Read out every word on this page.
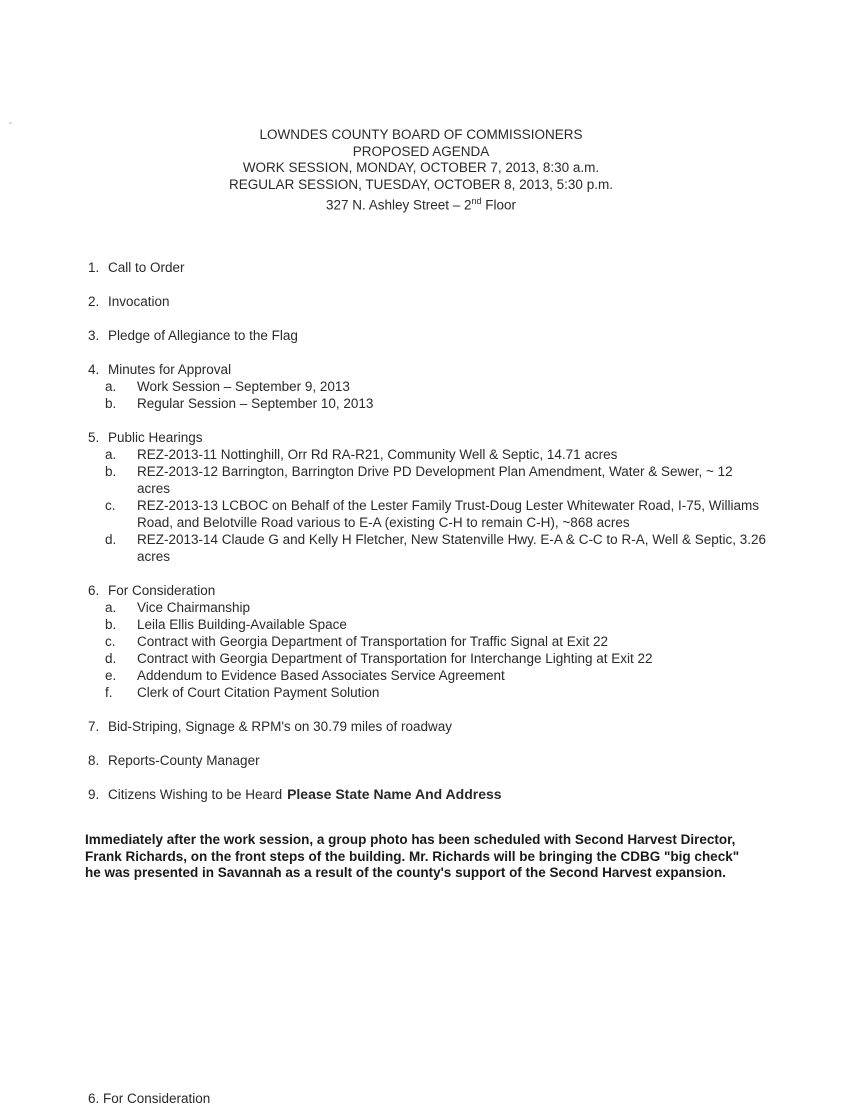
LOWNDES COUNTY BOARD OF COMMISSIONERS
PROPOSED AGENDA
WORK SESSION, MONDAY, OCTOBER 7, 2013, 8:30 a.m.
REGULAR SESSION, TUESDAY, OCTOBER 8, 2013, 5:30 p.m.
327 N. Ashley Street – 2nd Floor
1. Call to Order
2. Invocation
3. Pledge of Allegiance to the Flag
4. Minutes for Approval
a.	Work Session – September 9, 2013
b.	Regular Session – September 10, 2013
5. Public Hearings
a.	REZ-2013-11 Nottinghill, Orr Rd RA-R21, Community Well & Septic, 14.71 acres
b.	REZ-2013-12 Barrington, Barrington Drive PD Development Plan Amendment, Water & Sewer, ~ 12 acres
c.	REZ-2013-13 LCBOC on Behalf of the Lester Family Trust-Doug Lester Whitewater Road, I-75, Williams Road, and Belotville Road various to E-A (existing C-H to remain C-H), ~868 acres
d.	REZ-2013-14 Claude G and Kelly H Fletcher, New Statenville Hwy. E-A & C-C to R-A, Well & Septic, 3.26 acres
6. For Consideration
a.	Vice Chairmanship
b.	Leila Ellis Building-Available Space
c.	Contract with Georgia Department of Transportation for Traffic Signal at Exit 22
d.	Contract with Georgia Department of Transportation for Interchange Lighting at Exit 22
e.	Addendum to Evidence Based Associates Service Agreement
f.	Clerk of Court Citation Payment Solution
7. Bid-Striping, Signage & RPM's on 30.79 miles of roadway
8. Reports-County Manager
9. Citizens Wishing to be Heard Please State Name And Address
Immediately after the work session, a group photo has been scheduled with Second Harvest Director, Frank Richards, on the front steps of the building. Mr. Richards will be bringing the CDBG "big check" he was presented in Savannah as a result of the county's support of the Second Harvest expansion.
6. For Consideration
